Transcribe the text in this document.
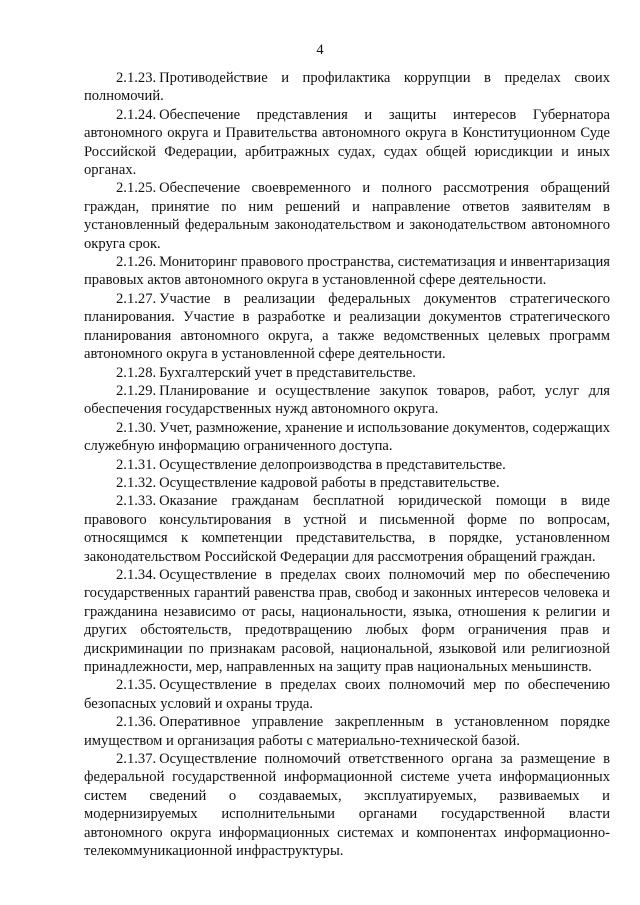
4

2.1.23. Противодействие и профилактика коррупции в пределах своих полномочий.

2.1.24. Обеспечение представления и защиты интересов Губернатора автономного округа и Правительства автономного округа в Конституционном Суде Российской Федерации, арбитражных судах, судах общей юрисдикции и иных органах.

2.1.25. Обеспечение своевременного и полного рассмотрения обращений граждан, принятие по ним решений и направление ответов заявителям в установленный федеральным законодательством и законодательством автономного округа срок.

2.1.26. Мониторинг правового пространства, систематизация и инвентаризация правовых актов автономного округа в установленной сфере деятельности.

2.1.27. Участие в реализации федеральных документов стратегического планирования. Участие в разработке и реализации документов стратегического планирования автономного округа, а также ведомственных целевых программ автономного округа в установленной сфере деятельности.

2.1.28. Бухгалтерский учет в представительстве.

2.1.29. Планирование и осуществление закупок товаров, работ, услуг для обеспечения государственных нужд автономного округа.

2.1.30. Учет, размножение, хранение и использование документов, содержащих служебную информацию ограниченного доступа.

2.1.31. Осуществление делопроизводства в представительстве.

2.1.32. Осуществление кадровой работы в представительстве.

2.1.33. Оказание гражданам бесплатной юридической помощи в виде правового консультирования в устной и письменной форме по вопросам, относящимся к компетенции представительства, в порядке, установленном законодательством Российской Федерации для рассмотрения обращений граждан.

2.1.34. Осуществление в пределах своих полномочий мер по обеспечению государственных гарантий равенства прав, свобод и законных интересов человека и гражданина независимо от расы, национальности, языка, отношения к религии и других обстоятельств, предотвращению любых форм ограничения прав и дискриминации по признакам расовой, национальной, языковой или религиозной принадлежности, мер, направленных на защиту прав национальных меньшинств.

2.1.35. Осуществление в пределах своих полномочий мер по обеспечению безопасных условий и охраны труда.

2.1.36. Оперативное управление закрепленным в установленном порядке имуществом и организация работы с материально-технической базой.

2.1.37. Осуществление полномочий ответственного органа за размещение в федеральной государственной информационной системе учета информационных систем сведений о создаваемых, эксплуатируемых, развиваемых и модернизируемых исполнительными органами государственной власти автономного округа информационных системах и компонентах информационно-телекоммуникационной инфраструктуры.
